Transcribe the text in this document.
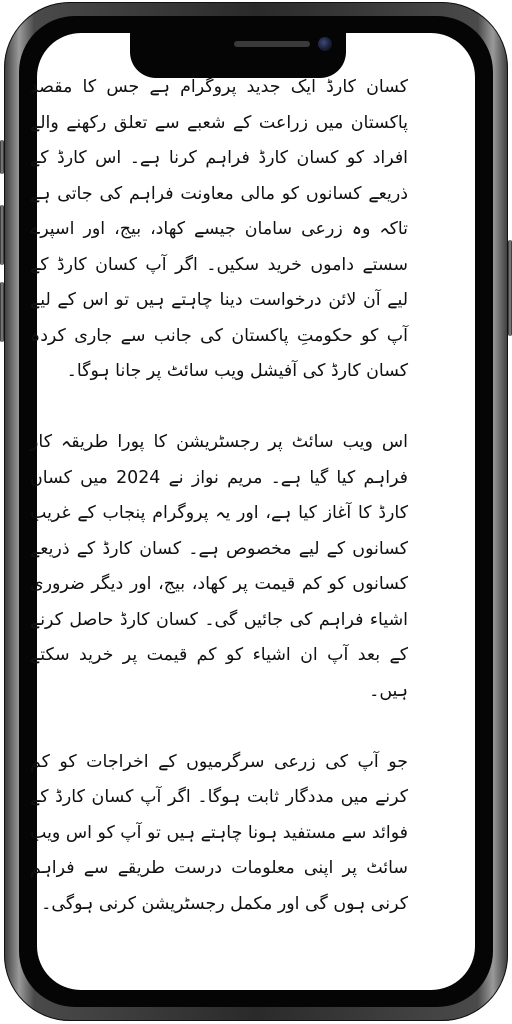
کسان کارڈ ایک جدید پروگرام ہے جس کا مقصد پاکستان میں زراعت کے شعبے سے تعلق رکھنے والے افراد کو کسان کارڈ فراہم کرنا ہے۔ اس کارڈ کے ذریعے کسانوں کو مالی معاونت فراہم کی جاتی ہے تاکہ وہ زرعی سامان جیسے کھاد، بیج، اور اسپرے سستے داموں خرید سکیں۔ اگر آپ کسان کارڈ کے لیے آن لائن درخواست دینا چاہتے ہیں تو اس کے لیے آپ کو حکومتِ پاکستان کی جانب سے جاری کردہ کسان کارڈ کی آفیشل ویب سائٹ پر جانا ہوگا۔

اس ویب سائٹ پر رجسٹریشن کا پورا طریقہ کار فراہم کیا گیا ہے۔ مریم نواز نے 2024 میں کسان کارڈ کا آغاز کیا ہے، اور یہ پروگرام پنجاب کے غریب کسانوں کے لیے مخصوص ہے۔ کسان کارڈ کے ذریعے کسانوں کو کم قیمت پر کھاد، بیج، اور دیگر ضروری اشیاء فراہم کی جائیں گی۔ کسان کارڈ حاصل کرنے کے بعد آپ ان اشیاء کو کم قیمت پر خرید سکتے ہیں۔

جو آپ کی زرعی سرگرمیوں کے اخراجات کو کم کرنے میں مددگار ثابت ہوگا۔ اگر آپ کسان کارڈ کے فوائد سے مستفید ہونا چاہتے ہیں تو آپ کو اس ویب سائٹ پر اپنی معلومات درست طریقے سے فراہم کرنی ہوں گی اور مکمل رجسٹریشن کرنی ہوگی۔
